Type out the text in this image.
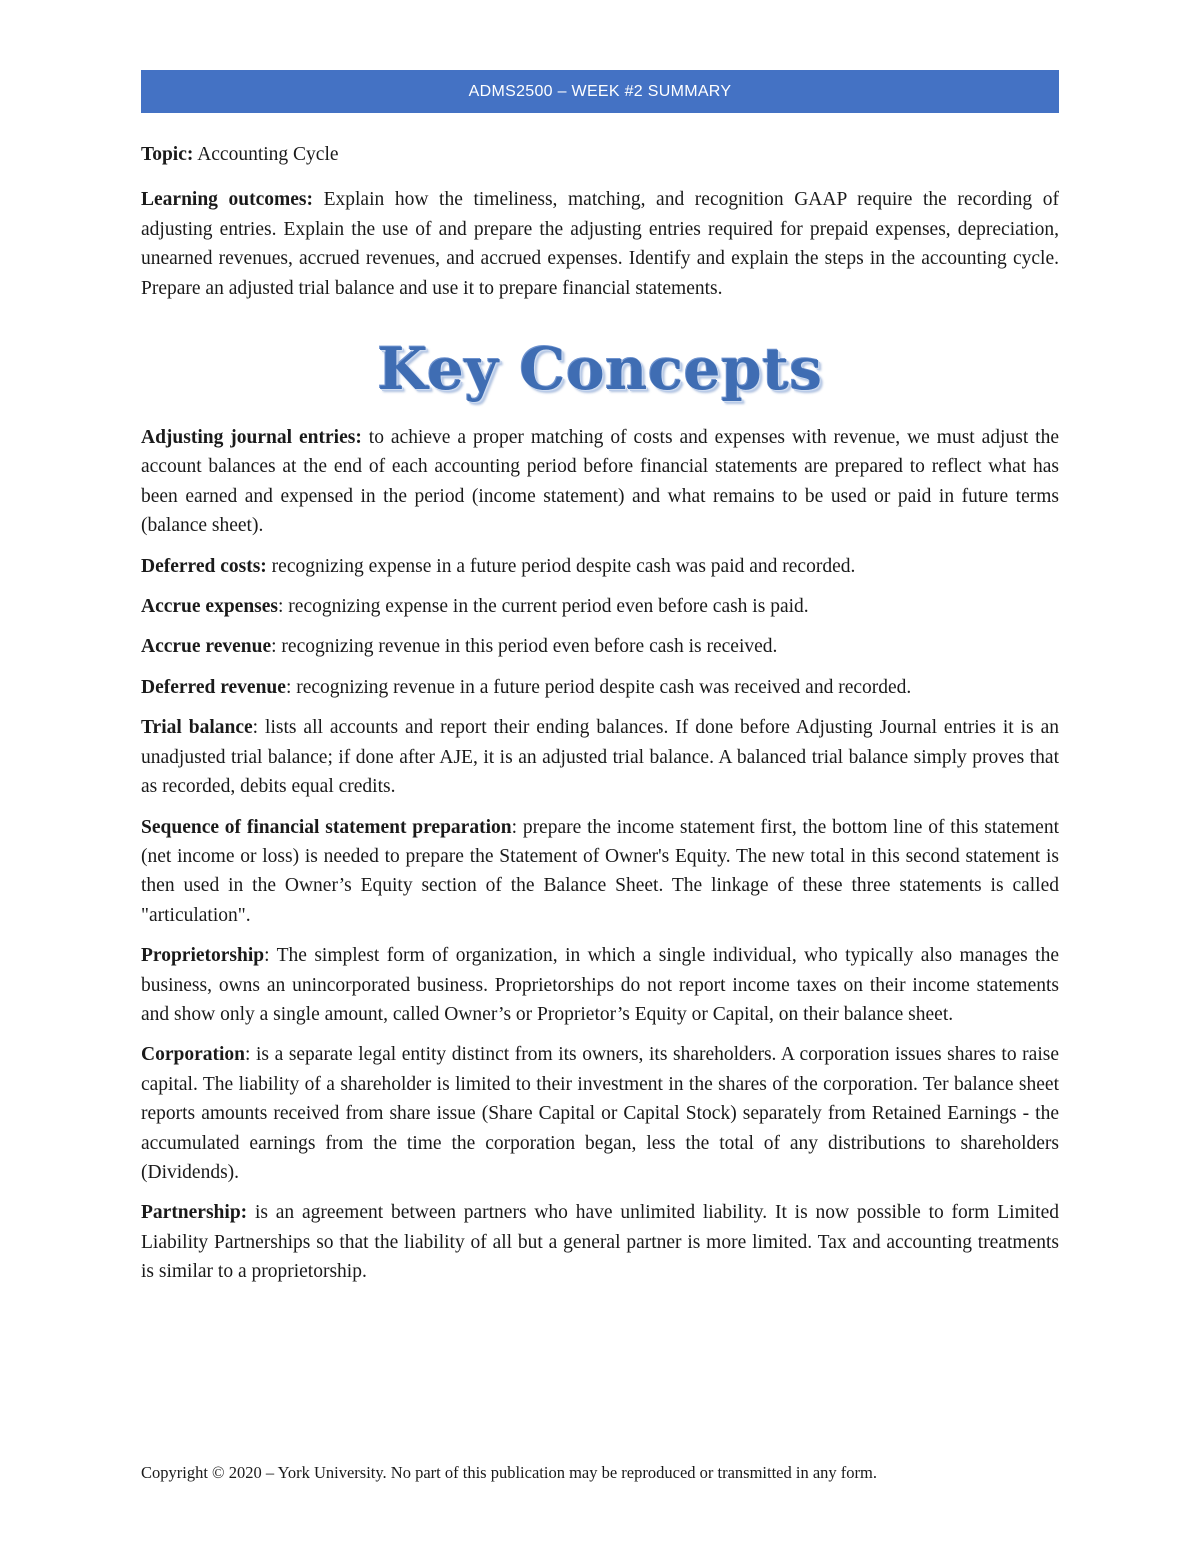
ADMS2500 – WEEK #2 SUMMARY

Topic: Accounting Cycle

Learning outcomes: Explain how the timeliness, matching, and recognition GAAP require the recording of adjusting entries. Explain the use of and prepare the adjusting entries required for prepaid expenses, depreciation, unearned revenues, accrued revenues, and accrued expenses. Identify and explain the steps in the accounting cycle. Prepare an adjusted trial balance and use it to prepare financial statements.

Key Concepts

Adjusting journal entries: to achieve a proper matching of costs and expenses with revenue, we must adjust the account balances at the end of each accounting period before financial statements are prepared to reflect what has been earned and expensed in the period (income statement) and what remains to be used or paid in future terms (balance sheet).

Deferred costs: recognizing expense in a future period despite cash was paid and recorded.

Accrue expenses: recognizing expense in the current period even before cash is paid.

Accrue revenue: recognizing revenue in this period even before cash is received.

Deferred revenue: recognizing revenue in a future period despite cash was received and recorded.

Trial balance: lists all accounts and report their ending balances. If done before Adjusting Journal entries it is an unadjusted trial balance; if done after AJE, it is an adjusted trial balance. A balanced trial balance simply proves that as recorded, debits equal credits.

Sequence of financial statement preparation: prepare the income statement first, the bottom line of this statement (net income or loss) is needed to prepare the Statement of Owner's Equity. The new total in this second statement is then used in the Owner’s Equity section of the Balance Sheet. The linkage of these three statements is called "articulation".

Proprietorship: The simplest form of organization, in which a single individual, who typically also manages the business, owns an unincorporated business. Proprietorships do not report income taxes on their income statements and show only a single amount, called Owner’s or Proprietor’s Equity or Capital, on their balance sheet.

Corporation: is a separate legal entity distinct from its owners, its shareholders. A corporation issues shares to raise capital. The liability of a shareholder is limited to their investment in the shares of the corporation. Ter balance sheet reports amounts received from share issue (Share Capital or Capital Stock) separately from Retained Earnings - the accumulated earnings from the time the corporation began, less the total of any distributions to shareholders (Dividends).

Partnership: is an agreement between partners who have unlimited liability. It is now possible to form Limited Liability Partnerships so that the liability of all but a general partner is more limited. Tax and accounting treatments is similar to a proprietorship.

Copyright © 2020 – York University. No part of this publication may be reproduced or transmitted in any form.
